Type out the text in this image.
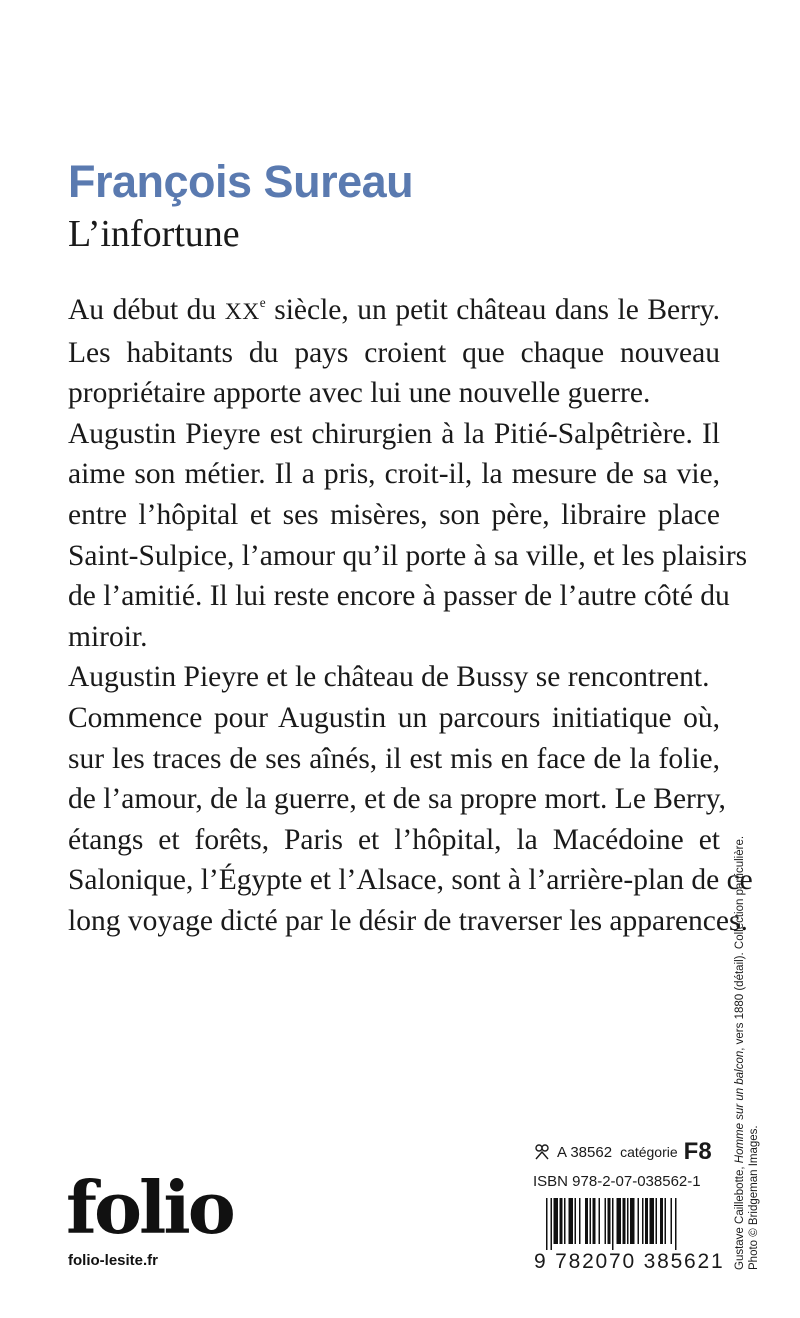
François Sureau
L’infortune
Au début du XXe siècle, un petit château dans le Berry.
Les habitants du pays croient que chaque nouveau
propriétaire apporte avec lui une nouvelle guerre.
Augustin Pieyre est chirurgien à la Pitié-Salpêtrière. Il
aime son métier. Il a pris, croit-il, la mesure de sa vie,
entre l’hôpital et ses misères, son père, libraire place
Saint-Sulpice, l’amour qu’il porte à sa ville, et les plaisirs
de l’amitié. Il lui reste encore à passer de l’autre côté du
miroir.
Augustin Pieyre et le château de Bussy se rencontrent.
Commence pour Augustin un parcours initiatique où,
sur les traces de ses aînés, il est mis en face de la folie,
de l’amour, de la guerre, et de sa propre mort. Le Berry,
étangs et forêts, Paris et l’hôpital, la Macédoine et
Salonique, l’Égypte et l’Alsace, sont à l’arrière-plan de ce
long voyage dicté par le désir de traverser les apparences.
Gustave Caillebotte, Homme sur un balcon, vers 1880 (détail). Collection particulière.
Photo © Bridgeman Images.
A 38562 catégorie F8
ISBN 978-2-07-038562-1
9 782070 385621
folio
folio-lesite.fr
